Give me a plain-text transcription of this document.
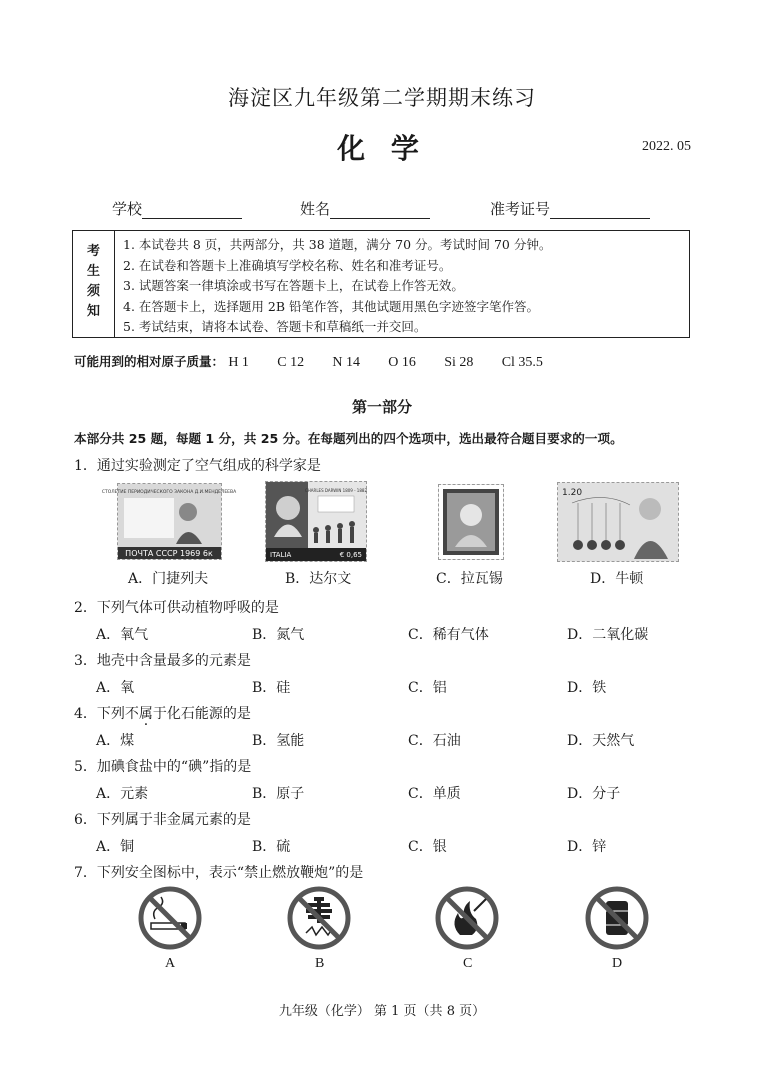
海淀区九年级第二学期期末练习
化 学	2022. 05
学校	姓名	准考证号
考
生
须
知
1. 本试卷共 8 页，共两部分，共 38 道题，满分 70 分。考试时间 70 分钟。
2. 在试卷和答题卡上准确填写学校名称、姓名和准考证号。
3. 试题答案一律填涂或书写在答题卡上，在试卷上作答无效。
4. 在答题卡上，选择题用 2B 铅笔作答，其他试题用黑色字迹签字笔作答。
5. 考试结束，请将本试卷、答题卡和草稿纸一并交回。
可能用到的相对原子质量： H 1 C 12 N 14 O 16 Si 28 Cl 35.5
第一部分
本部分共 25 题，每题 1 分，共 25 分。在每题列出的四个选项中，选出最符合题目要求的一项。
1．通过实验测定了空气组成的科学家是
СТОЛЕТИЕ ПЕРИОДИЧЕСКОГО ЗАКОНА Д.И.МЕНДЕЛЕЕВА
ПОЧТА СССР 1969 6к
CHARLES DARWIN 1809 - 1882
ITALIA	€ 0,65
1.20
A．门捷列夫	B．达尔文	C．拉瓦锡	D．牛顿
2．下列气体可供动植物呼吸的是
A．氧气	B．氮气	C．稀有气体	D．二氧化碳
3．地壳中含量最多的元素是
A．氧	B．硅	C．铝	D．铁
4．下列不属于化石能源的是
A．煤	B．氢能	C．石油	D．天然气
5．加碘食盐中的“碘”指的是
A．元素	B．原子	C．单质	D．分子
6．下列属于非金属元素的是
A．铜	B．硫	C．银	D．锌
7．下列安全图标中，表示“禁止燃放鞭炮”的是
A	B	C	D
九年级（化学） 第 1 页（共 8 页）
